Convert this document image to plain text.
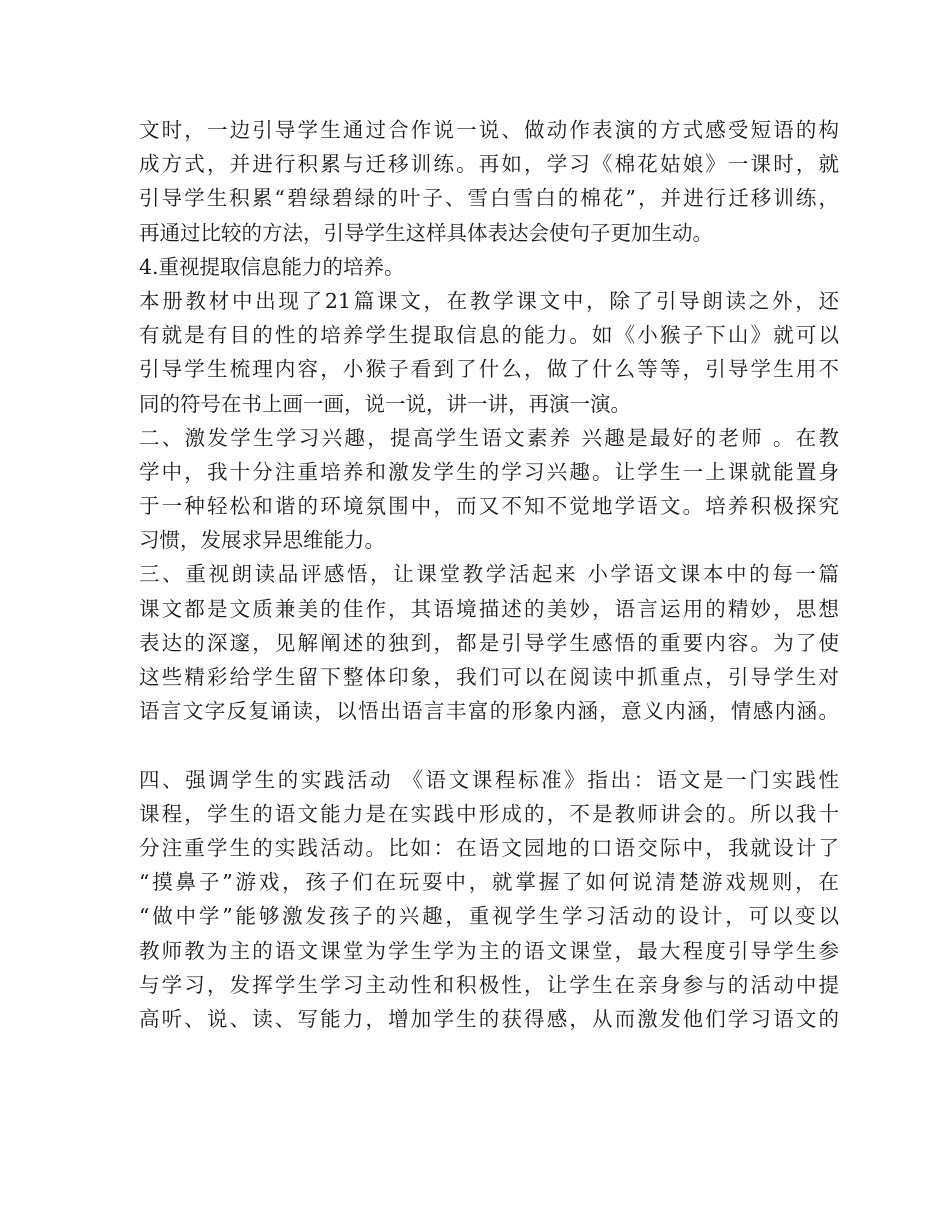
文时，一边引导学生通过合作说一说、做动作表演的方式感受短语的构
成方式，并进行积累与迁移训练。再如，学习《棉花姑娘》一课时，就
引导学生积累“碧绿碧绿的叶子、雪白雪白的棉花”，并进行迁移训练，
再通过比较的方法，引导学生这样具体表达会使句子更加生动。
4.重视提取信息能力的培养。
本册教材中出现了21篇课文，在教学课文中，除了引导朗读之外，还
有就是有目的性的培养学生提取信息的能力。如《小猴子下山》就可以
引导学生梳理内容，小猴子看到了什么，做了什么等等，引导学生用不
同的符号在书上画一画，说一说，讲一讲，再演一演。
二、激发学生学习兴趣，提高学生语文素养 兴趣是最好的老师 。在教
学中，我十分注重培养和激发学生的学习兴趣。让学生一上课就能置身
于一种轻松和谐的环境氛围中，而又不知不觉地学语文。培养积极探究
习惯，发展求异思维能力。
三、重视朗读品评感悟，让课堂教学活起来 小学语文课本中的每一篇
课文都是文质兼美的佳作，其语境描述的美妙，语言运用的精妙，思想
表达的深邃，见解阐述的独到，都是引导学生感悟的重要内容。为了使
这些精彩给学生留下整体印象，我们可以在阅读中抓重点，引导学生对
语言文字反复诵读，以悟出语言丰富的形象内涵，意义内涵，情感内涵。
四、强调学生的实践活动 《语文课程标准》指出：语文是一门实践性
课程，学生的语文能力是在实践中形成的，不是教师讲会的。所以我十
分注重学生的实践活动。比如：在语文园地的口语交际中，我就设计了
“摸鼻子”游戏，孩子们在玩耍中，就掌握了如何说清楚游戏规则，在
“做中学”能够激发孩子的兴趣，重视学生学习活动的设计，可以变以
教师教为主的语文课堂为学生学为主的语文课堂，最大程度引导学生参
与学习，发挥学生学习主动性和积极性，让学生在亲身参与的活动中提
高听、说、读、写能力，增加学生的获得感，从而激发他们学习语文的
